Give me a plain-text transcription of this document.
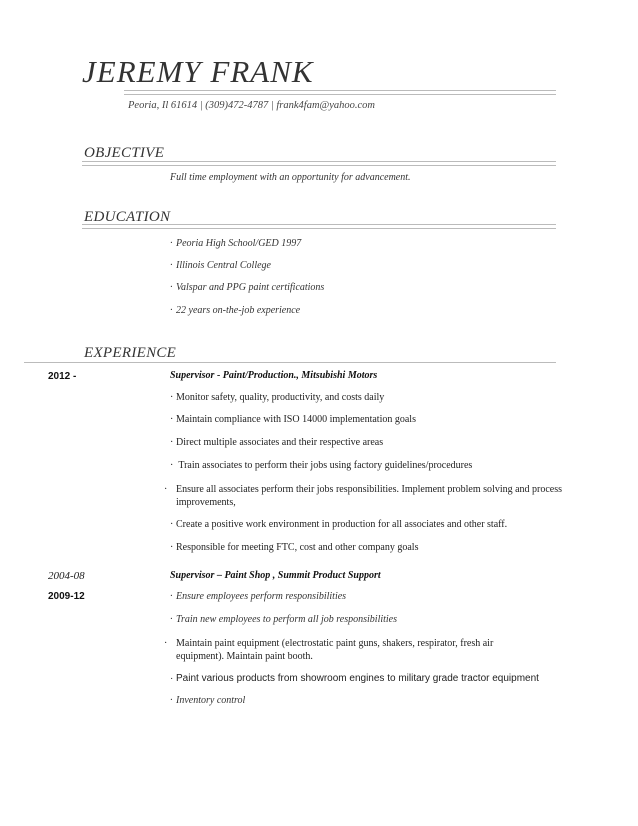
JEREMY FRANK
Peoria, Il 61614 | (309)472-4787 | frank4fam@yahoo.com
OBJECTIVE
Full time employment with an opportunity for advancement.
EDUCATION
· Peoria High School/GED 1997
· Illinois Central College
· Valspar and PPG paint certifications
· 22 years on-the-job experience
EXPERIENCE
2012 -	Supervisor - Paint/Production., Mitsubishi Motors
· Monitor safety, quality, productivity, and costs daily
· Maintain compliance with ISO 14000 implementation goals
· Direct multiple associates and their respective areas
· Train associates to perform their jobs using factory guidelines/procedures
· Ensure all associates perform their jobs responsibilities. Implement problem solving and process improvements,
· Create a positive work environment in production for all associates and other staff.
· Responsible for meeting FTC, cost and other company goals
2004-08
2009-12
Supervisor – Paint Shop , Summit Product Support
· Ensure employees perform responsibilities
· Train new employees to perform all job responsibilities
· Maintain paint equipment (electrostatic paint guns, shakers, respirator, fresh air equipment). Maintain paint booth.
· Paint various products from showroom engines to military grade tractor equipment
· Inventory control
